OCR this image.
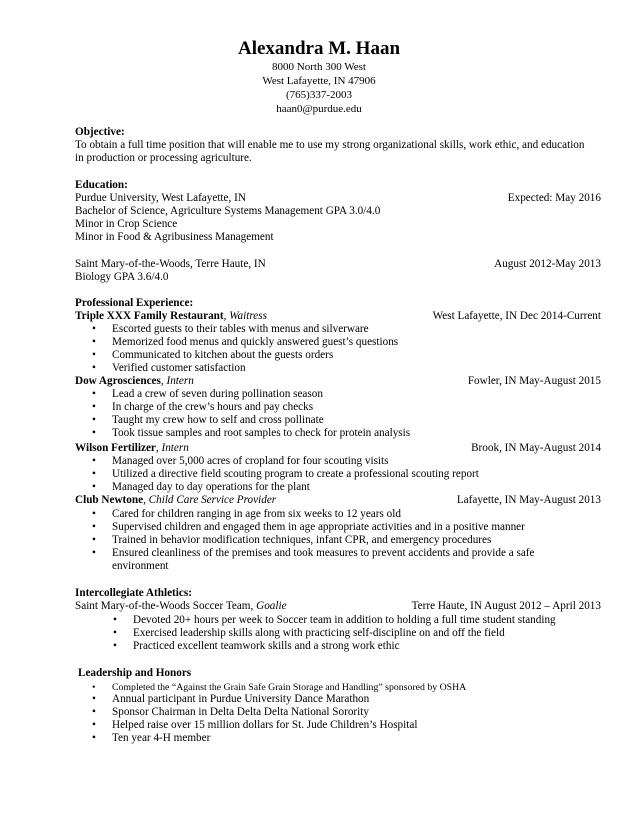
Alexandra M. Haan
8000 North 300 West
West Lafayette, IN 47906
(765)337-2003
haan0@purdue.edu
Objective:
To obtain a full time position that will enable me to use my strong organizational skills, work ethic, and education
in production or processing agriculture.
Education:
Purdue University, West Lafayette, IN	Expected: May 2016
Bachelor of Science, Agriculture Systems Management GPA 3.0/4.0
Minor in Crop Science
Minor in Food & Agribusiness Management
Saint Mary-of-the-Woods, Terre Haute, IN	August 2012-May 2013
Biology GPA 3.6/4.0
Professional Experience:
Triple XXX Family Restaurant, Waitress	West Lafayette, IN Dec 2014-Current
• Escorted guests to their tables with menus and silverware
• Memorized food menus and quickly answered guest’s questions
• Communicated to kitchen about the guests orders
• Verified customer satisfaction
Dow Agrosciences, Intern	Fowler, IN May-August 2015
• Lead a crew of seven during pollination season
• In charge of the crew’s hours and pay checks
• Taught my crew how to self and cross pollinate
• Took tissue samples and root samples to check for protein analysis
Wilson Fertilizer, Intern	Brook, IN May-August 2014
• Managed over 5,000 acres of cropland for four scouting visits
• Utilized a directive field scouting program to create a professional scouting report
• Managed day to day operations for the plant
Club Newtone, Child Care Service Provider	Lafayette, IN May-August 2013
• Cared for children ranging in age from six weeks to 12 years old
• Supervised children and engaged them in age appropriate activities and in a positive manner
• Trained in behavior modification techniques, infant CPR, and emergency procedures
• Ensured cleanliness of the premises and took measures to prevent accidents and provide a safe
environment
Intercollegiate Athletics:
Saint Mary-of-the-Woods Soccer Team, Goalie	Terre Haute, IN August 2012 – April 2013
• Devoted 20+ hours per week to Soccer team in addition to holding a full time student standing
• Exercised leadership skills along with practicing self-discipline on and off the field
• Practiced excellent teamwork skills and a strong work ethic
Leadership and Honors
• Completed the “Against the Grain Safe Grain Storage and Handling” sponsored by OSHA
• Annual participant in Purdue University Dance Marathon
• Sponsor Chairman in Delta Delta Delta National Sorority
• Helped raise over 15 million dollars for St. Jude Children’s Hospital
• Ten year 4-H member
